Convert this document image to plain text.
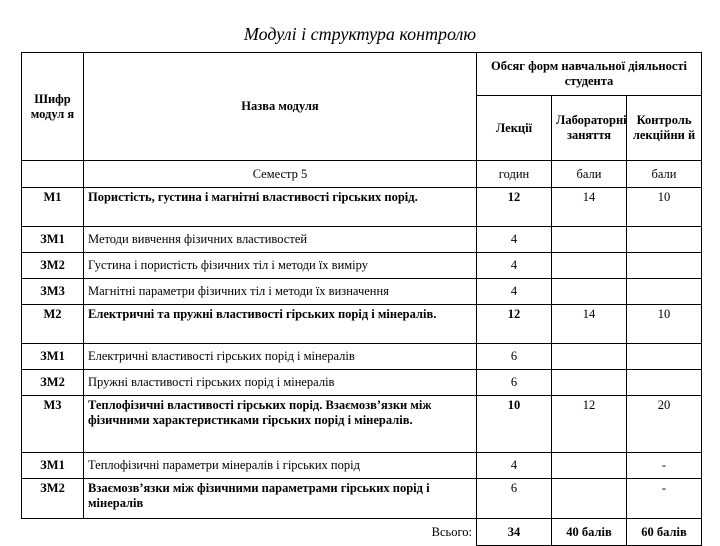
Модулі і структура контролю
Шифр модул я	Назва модуля	Обсяг форм навчальної діяльності студента		
		Лекції	Лабораторні заняття	Контроль лекційни й
	Семестр 5	годин	бали	бали
М1	Пористість, густина і магнітні властивості гірських порід.	12	14	10
ЗМ1	Методи вивчення фізичних властивостей	4		
ЗМ2	Густина і пористість фізичних тіл і методи їх виміру	4		
ЗМ3	Магнітні параметри фізичних тіл і методи їх визначення	4		
М2	Електричні та пружні властивості гірських порід і мінералів.	12	14	10
ЗМ1	Електричні властивості гірських порід і мінералів	6		
ЗМ2	Пружні властивості гірських порід і мінералів	6		
М3	Теплофізичні властивості гірських порід. Взаємозв’язки між фізичними характеристиками гірських порід і мінералів.	10	12	20
ЗМ1	Теплофізичні параметри мінералів і гірських порід	4		-
ЗМ2	Взаємозв’язки між фізичними параметрами гірських порід і мінералів	6		-
	Всього:	34	40 балів	60 балів
